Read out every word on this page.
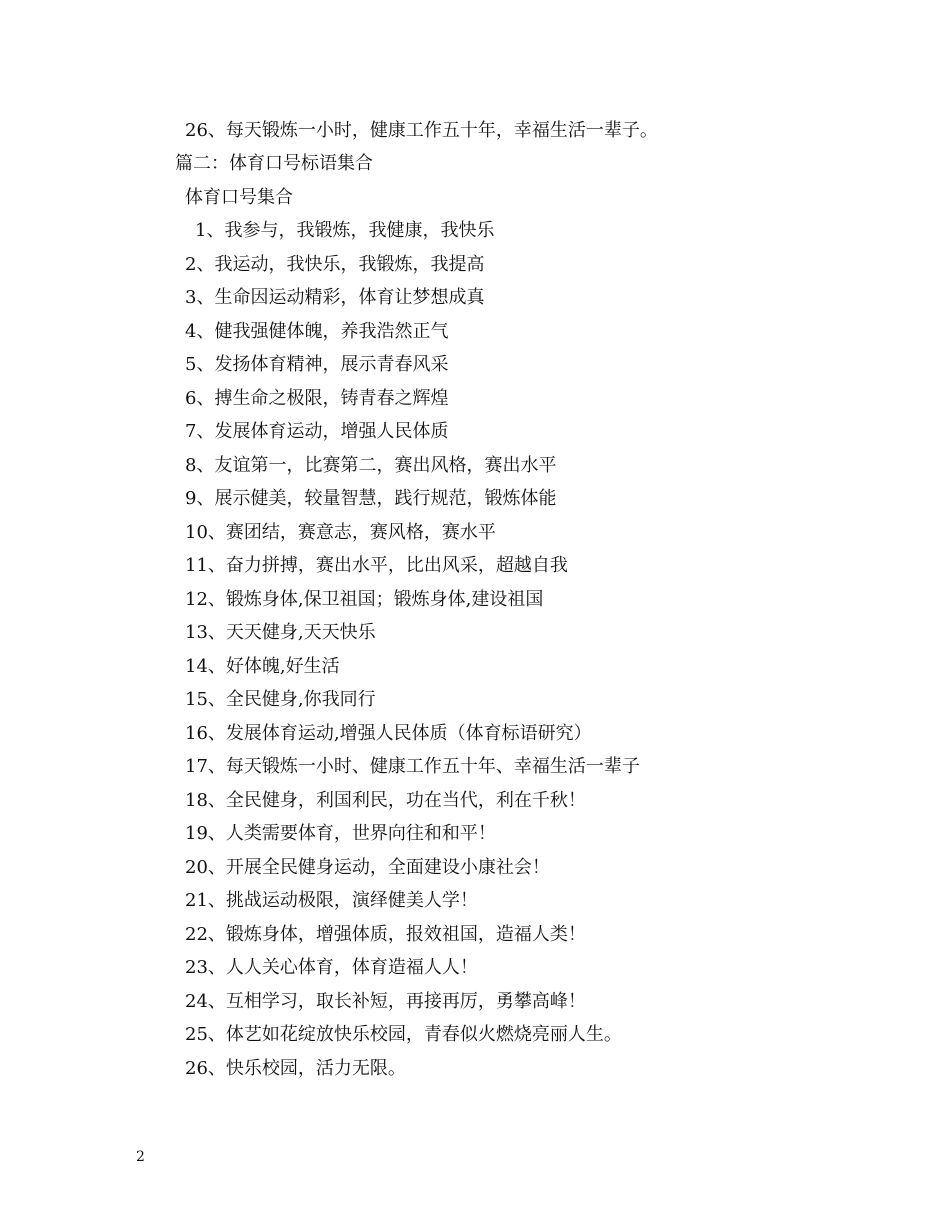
26、每天锻炼一小时，健康工作五十年，幸福生活一辈子。
篇二：体育口号标语集合
体育口号集合
1、我参与，我锻炼，我健康，我快乐
2、我运动，我快乐，我锻炼，我提高
3、生命因运动精彩，体育让梦想成真
4、健我强健体魄，养我浩然正气
5、发扬体育精神，展示青春风采
6、搏生命之极限，铸青春之辉煌
7、发展体育运动，增强人民体质
8、友谊第一，比赛第二，赛出风格，赛出水平
9、展示健美，较量智慧，践行规范，锻炼体能
10、赛团结，赛意志，赛风格，赛水平
11、奋力拼搏，赛出水平，比出风采，超越自我
12、锻炼身体,保卫祖国；锻炼身体,建设祖国
13、天天健身,天天快乐
14、好体魄,好生活
15、全民健身,你我同行
16、发展体育运动,增强人民体质（体育标语研究）
17、每天锻炼一小时、健康工作五十年、幸福生活一辈子
18、全民健身，利国利民，功在当代，利在千秋！
19、人类需要体育，世界向往和和平！
20、开展全民健身运动，全面建设小康社会！
21、挑战运动极限，演绎健美人学！
22、锻炼身体，增强体质，报效祖国，造福人类！
23、人人关心体育，体育造福人人！
24、互相学习，取长补短，再接再厉，勇攀高峰！
25、体艺如花绽放快乐校园，青春似火燃烧亮丽人生。
26、快乐校园，活力无限。
2
